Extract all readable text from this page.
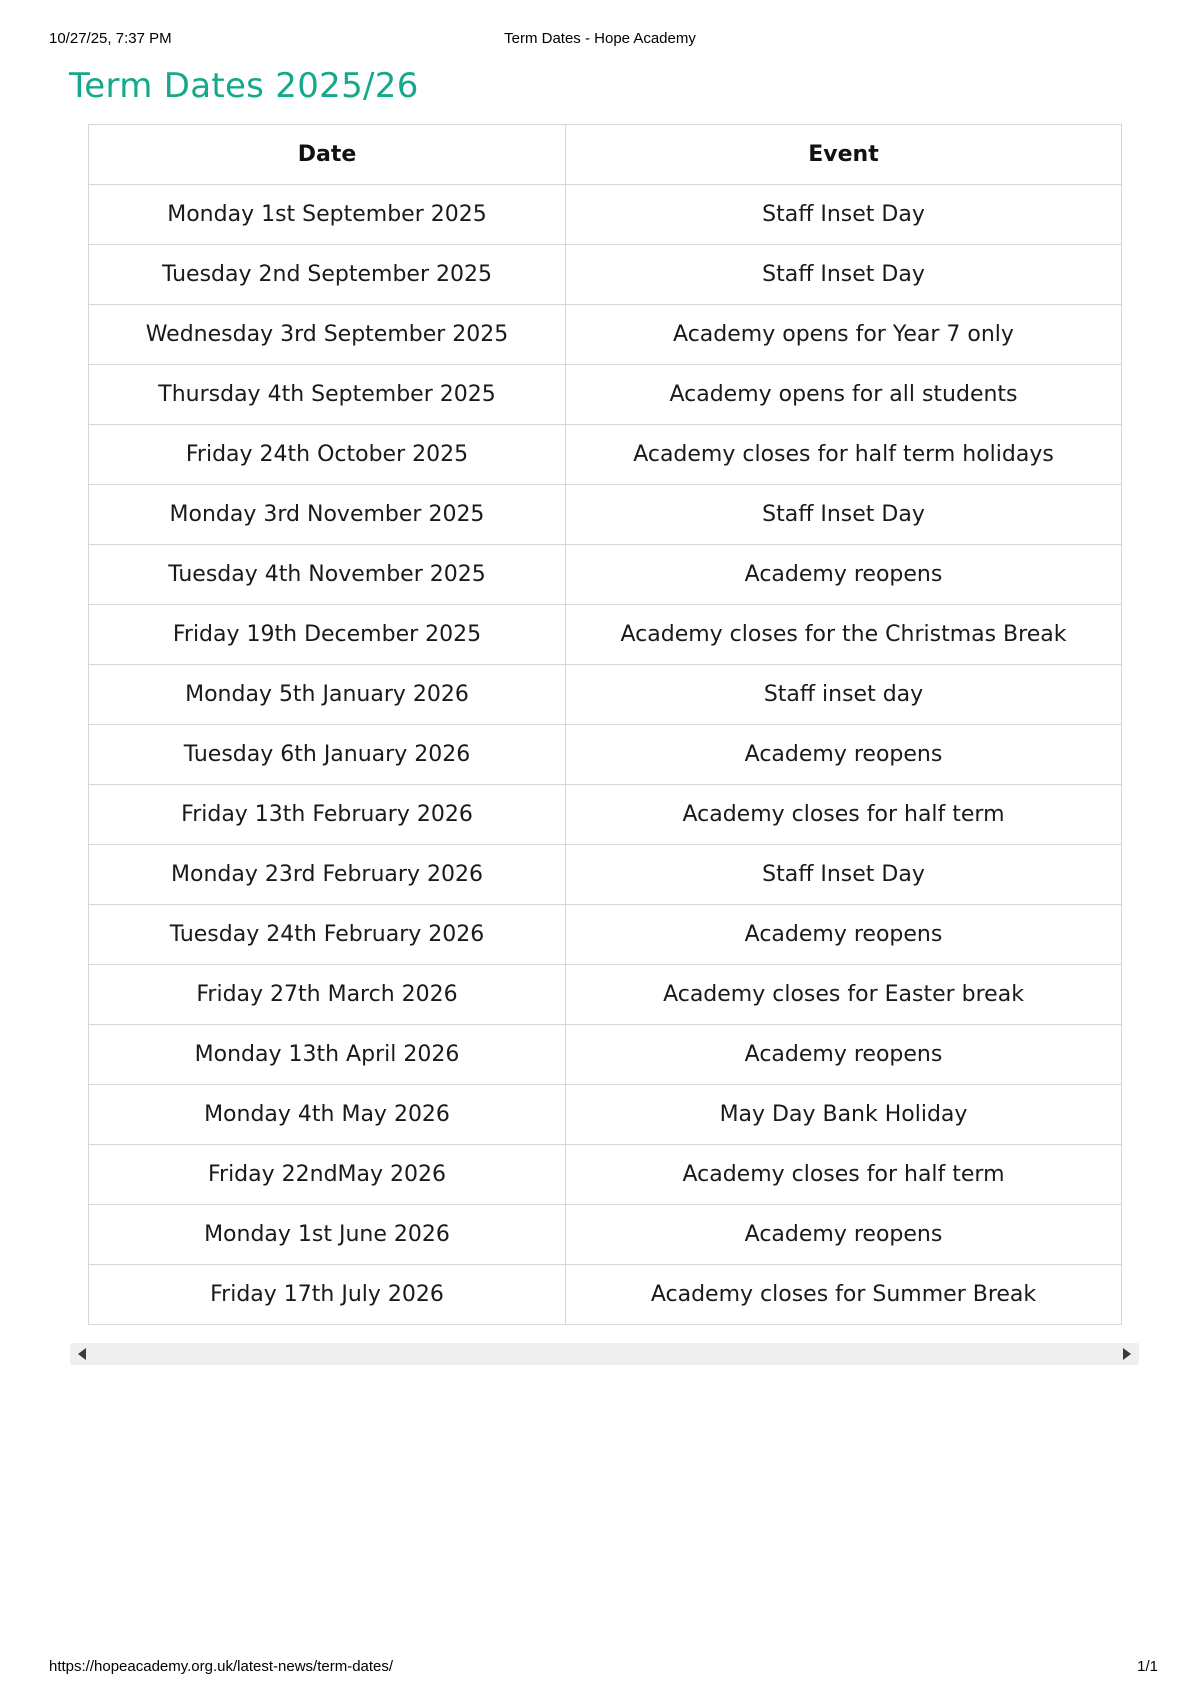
10/27/25, 7:37 PM	Term Dates - Hope Academy
Term Dates 2025/26
Date	Event
Monday 1st September 2025	Staff Inset Day
Tuesday 2nd September 2025	Staff Inset Day
Wednesday 3rd September 2025	Academy opens for Year 7 only
Thursday 4th September 2025	Academy opens for all students
Friday 24th October 2025	Academy closes for half term holidays
Monday 3rd November 2025	Staff Inset Day
Tuesday 4th November 2025	Academy reopens
Friday 19th December 2025	Academy closes for the Christmas Break
Monday 5th January 2026	Staff inset day
Tuesday 6th January 2026	Academy reopens
Friday 13th February 2026	Academy closes for half term
Monday 23rd February 2026	Staff Inset Day
Tuesday 24th February 2026	Academy reopens
Friday 27th March 2026	Academy closes for Easter break
Monday 13th April 2026	Academy reopens
Monday 4th May 2026	May Day Bank Holiday
Friday 22ndMay 2026	Academy closes for half term
Monday 1st June 2026	Academy reopens
Friday 17th July 2026	Academy closes for Summer Break
https://hopeacademy.org.uk/latest-news/term-dates/	1/1
